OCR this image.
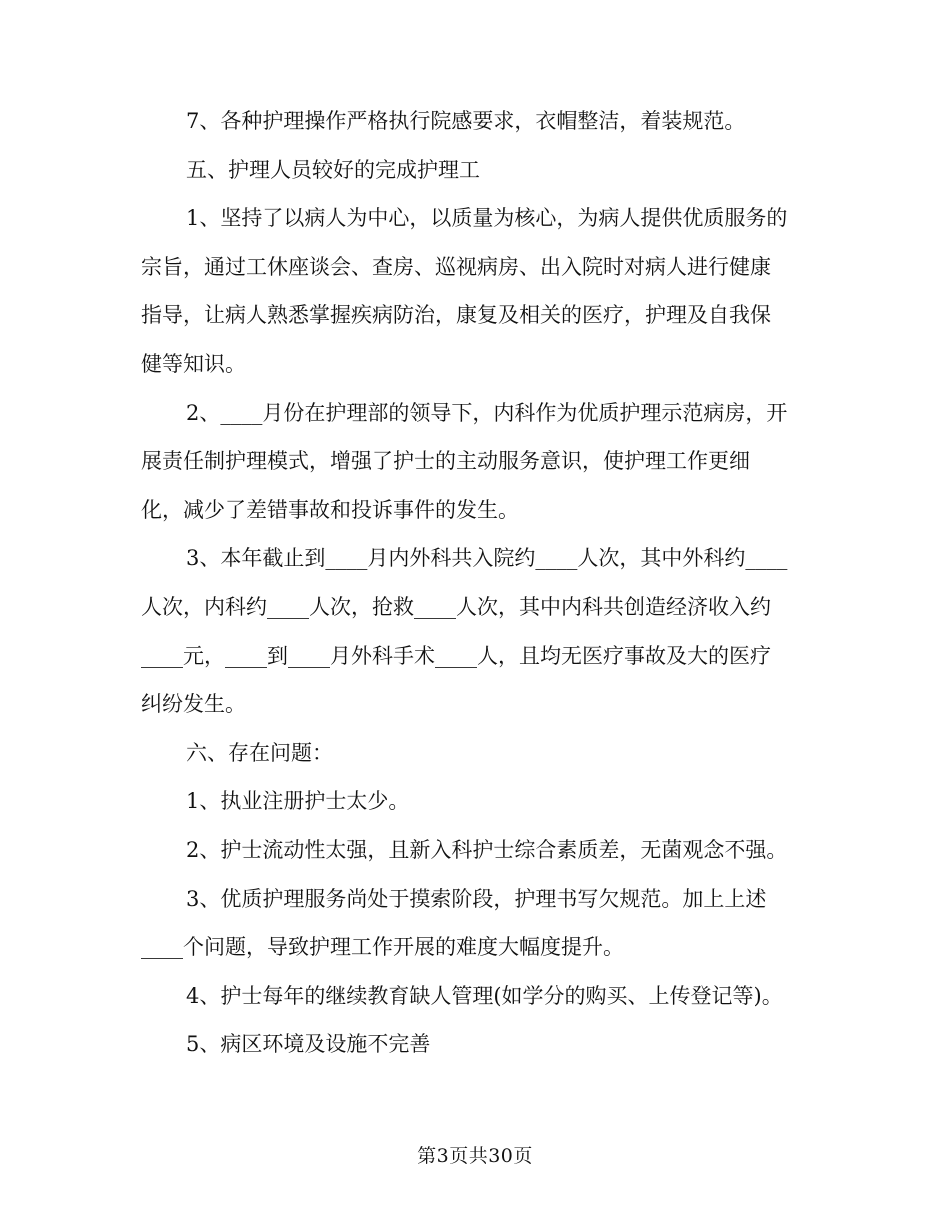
7、各种护理操作严格执行院感要求，衣帽整洁，着装规范。
五、护理人员较好的完成护理工
1、坚持了以病人为中心，以质量为核心，为病人提供优质服务的
宗旨，通过工休座谈会、查房、巡视病房、出入院时对病人进行健康
指导，让病人熟悉掌握疾病防治，康复及相关的医疗，护理及自我保
健等知识。
2、____月份在护理部的领导下，内科作为优质护理示范病房，开
展责任制护理模式，增强了护士的主动服务意识，使护理工作更细
化，减少了差错事故和投诉事件的发生。
3、本年截止到____月内外科共入院约____人次，其中外科约____
人次，内科约____人次，抢救____人次，其中内科共创造经济收入约
____元，____到____月外科手术____人，且均无医疗事故及大的医疗
纠纷发生。
六、存在问题：
1、执业注册护士太少。
2、护士流动性太强，且新入科护士综合素质差，无菌观念不强。
3、优质护理服务尚处于摸索阶段，护理书写欠规范。加上上述
____个问题，导致护理工作开展的难度大幅度提升。
4、护士每年的继续教育缺人管理(如学分的购买、上传登记等)。
5、病区环境及设施不完善
第3页共30页
